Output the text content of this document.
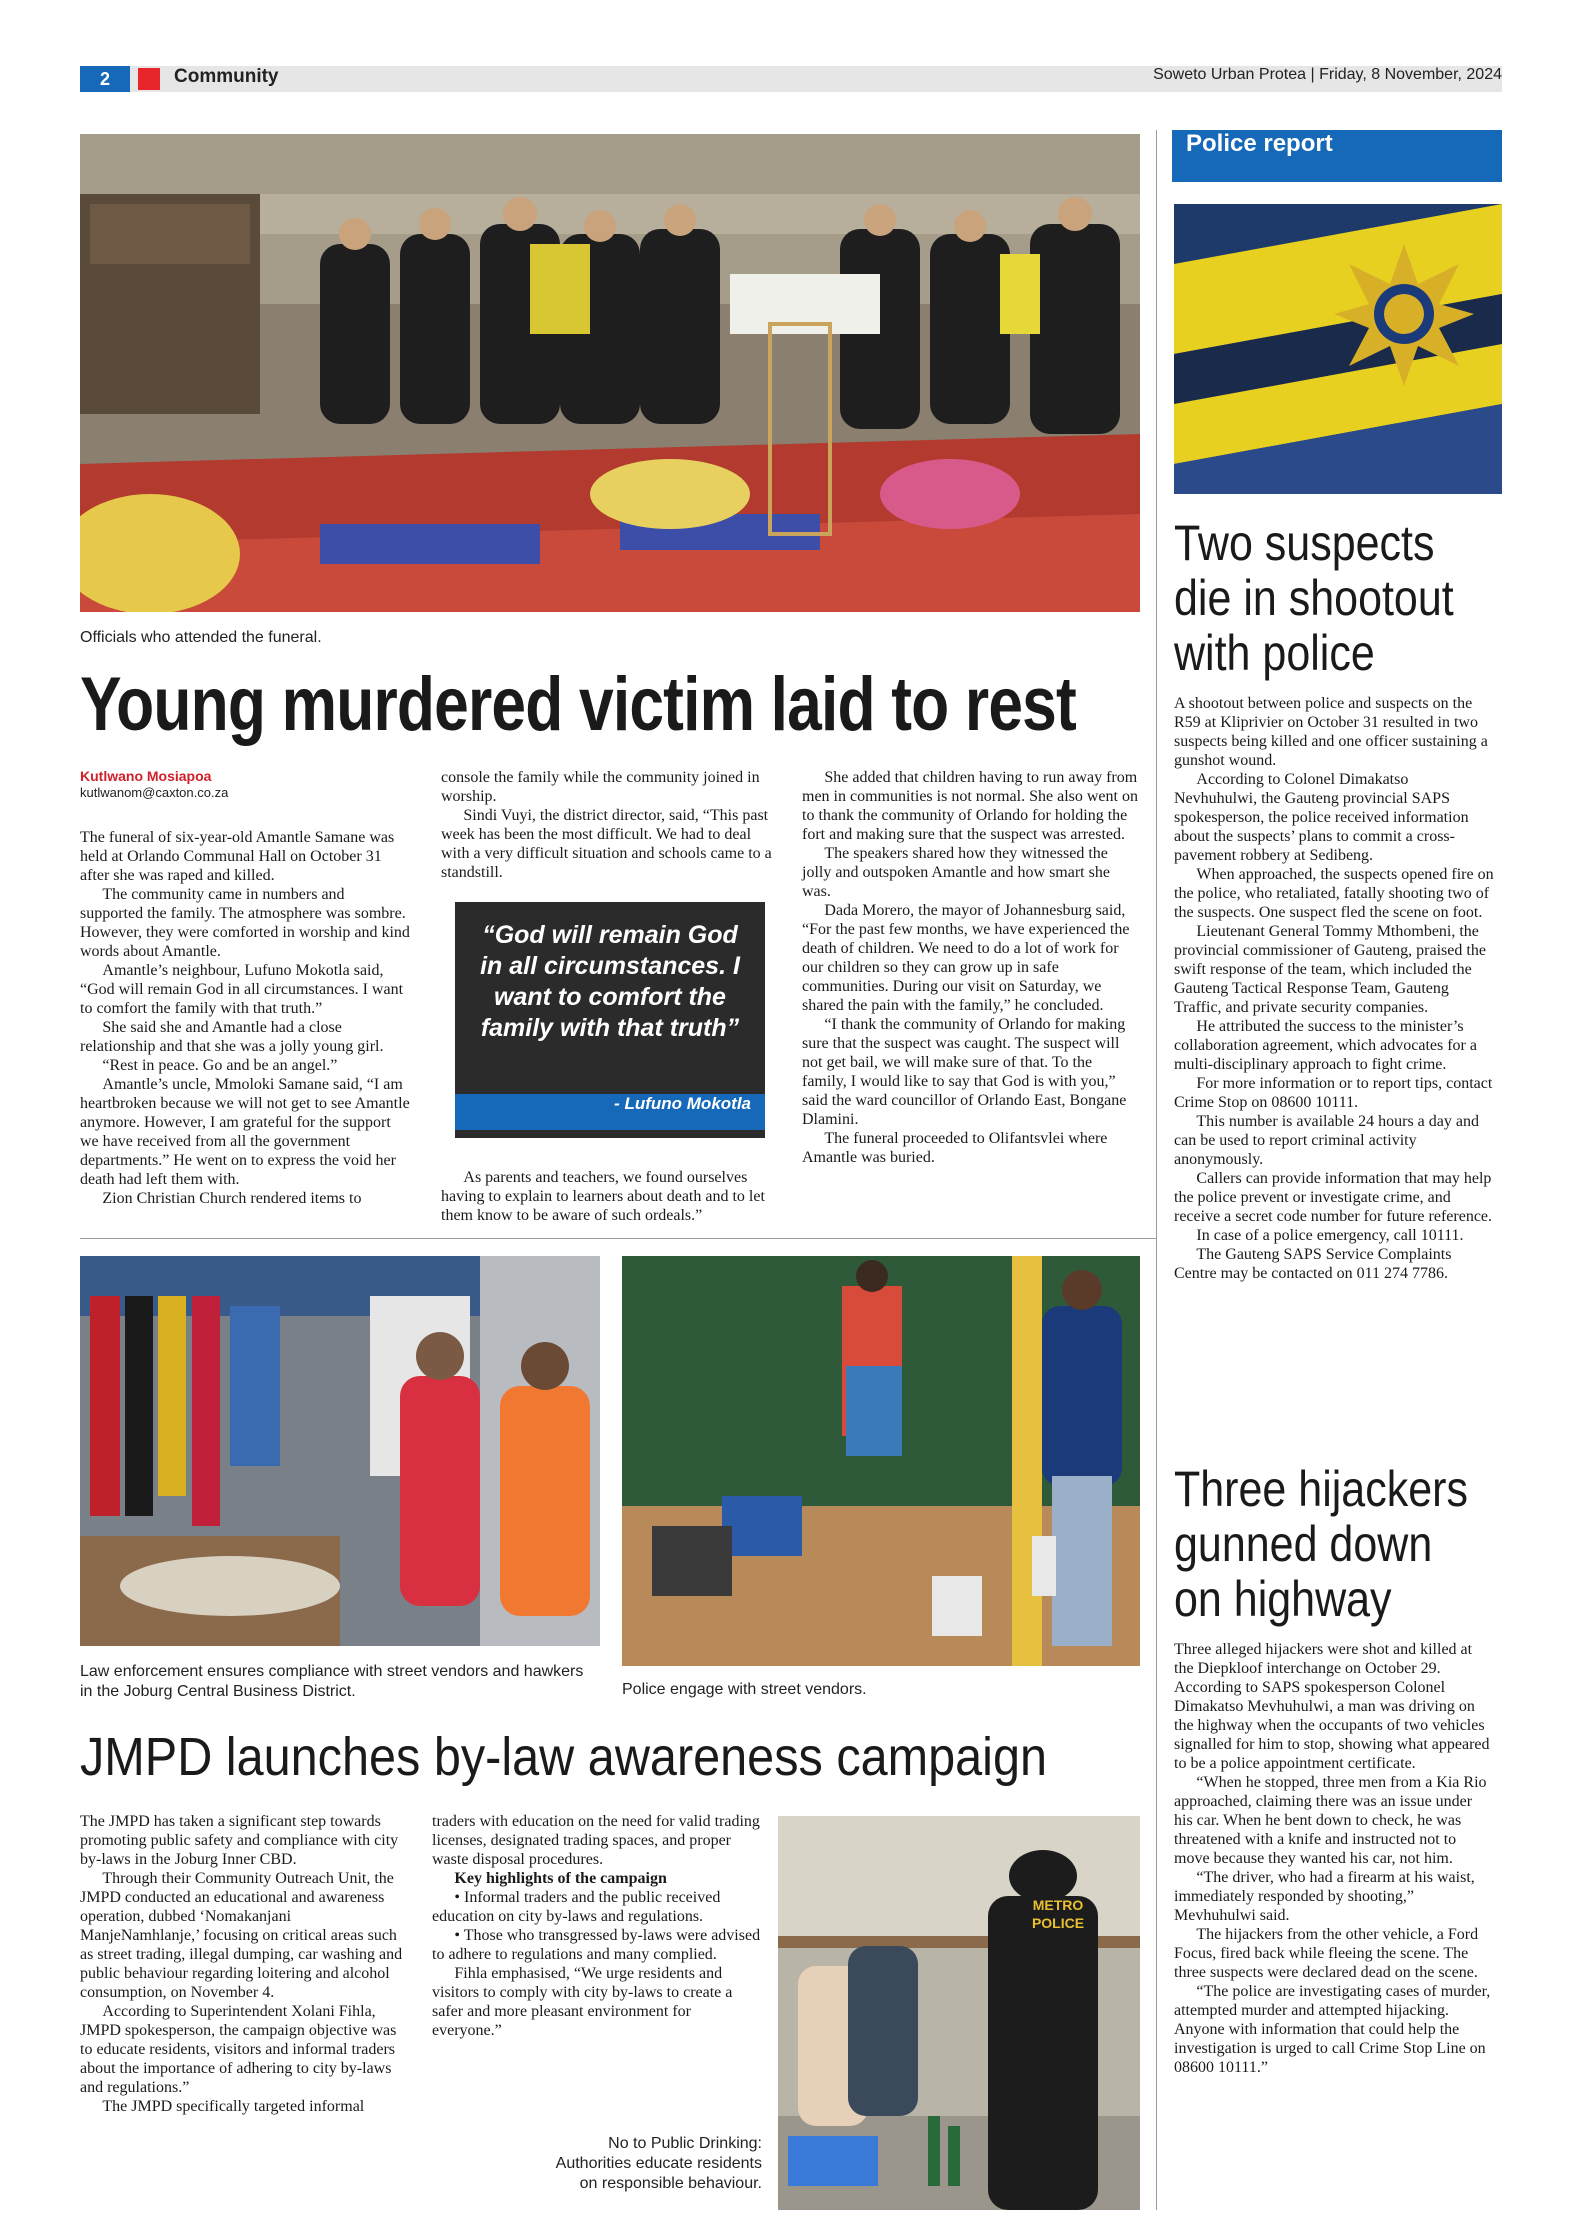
2	Community	Soweto Urban Protea | Friday, 8 November, 2024
Officials who attended the funeral.
Young murdered victim laid to rest
Kutlwano Mosiapoa
kutlwanom@caxton.co.za

The funeral of six-year-old Amantle Samane was held at Orlando Communal Hall on October 31 after she was raped and killed.

The community came in numbers and supported the family. The atmosphere was sombre. However, they were comforted in worship and kind words about Amantle.

Amantle’s neighbour, Lufuno Mokotla said, “God will remain God in all circumstances. I want to comfort the family with that truth.”

She said she and Amantle had a close relationship and that she was a jolly young girl.

“Rest in peace. Go and be an angel.”

Amantle’s uncle, Mmoloki Samane said, “I am heartbroken because we will not get to see Amantle anymore. However, I am grateful for the support we have received from all the government departments.” He went on to express the void her death had left them with.

Zion Christian Church rendered items to

console the family while the community joined in worship.

Sindi Vuyi, the district director, said, “This past week has been the most difficult. We had to deal with a very difficult situation and schools came to a standstill.

“God will remain God in all circumstances. I want to comfort the family with that truth”
- Lufuno Mokotla

As parents and teachers, we found ourselves having to explain to learners about death and to let them know to be aware of such ordeals.”

She added that children having to run away from men in communities is not normal. She also went on to thank the community of Orlando for holding the fort and making sure that the suspect was arrested.

The speakers shared how they witnessed the jolly and outspoken Amantle and how smart she was.

Dada Morero, the mayor of Johannesburg said, “For the past few months, we have experienced the death of children. We need to do a lot of work for our children so they can grow up in safe communities. During our visit on Saturday, we shared the pain with the family,” he concluded.

“I thank the community of Orlando for making sure that the suspect was caught. The suspect will not get bail, we will make sure of that. To the family, I would like to say that God is with you,” said the ward councillor of Orlando East, Bongane Dlamini.

The funeral proceeded to Olifantsvlei where Amantle was buried.

Law enforcement ensures compliance with street vendors and hawkers in the Joburg Central Business District.	Police engage with street vendors.
JMPD launches by-law awareness campaign

The JMPD has taken a significant step towards promoting public safety and compliance with city by-laws in the Joburg Inner CBD.

Through their Community Outreach Unit, the JMPD conducted an educational and awareness operation, dubbed ‘Nomakanjani ManjeNamhlanje,’ focusing on critical areas such as street trading, illegal dumping, car washing and public behaviour regarding loitering and alcohol consumption, on November 4.

According to Superintendent Xolani Fihla, JMPD spokesperson, the campaign objective was to educate residents, visitors and informal traders about the importance of adhering to city by-laws and regulations.”

The JMPD specifically targeted informal

traders with education on the need for valid trading licenses, designated trading spaces, and proper waste disposal procedures.

Key highlights of the campaign

• Informal traders and the public received education on city by-laws and regulations.

• Those who transgressed by-laws were advised to adhere to regulations and many complied.

Fihla emphasised, “We urge residents and visitors to comply with city by-laws to create a safer and more pleasant environment for everyone.”

METRO POLICE
No to Public Drinking: Authorities educate residents on responsible behaviour.
Police report
Two suspects
die in shootout
with police

A shootout between police and suspects on the R59 at Kliprivier on October 31 resulted in two suspects being killed and one officer sustaining a gunshot wound.

According to Colonel Dimakatso Nevhuhulwi, the Gauteng provincial SAPS spokesperson, the police received information about the suspects’ plans to commit a cross-pavement robbery at Sedibeng.

When approached, the suspects opened fire on the police, who retaliated, fatally shooting two of the suspects. One suspect fled the scene on foot.

Lieutenant General Tommy Mthombeni, the provincial commissioner of Gauteng, praised the swift response of the team, which included the Gauteng Tactical Response Team, Gauteng Traffic, and private security companies.

He attributed the success to the minister’s collaboration agreement, which advocates for a multi-disciplinary approach to fight crime.

For more information or to report tips, contact Crime Stop on 08600 10111.

This number is available 24 hours a day and can be used to report criminal activity anonymously.

Callers can provide information that may help the police prevent or investigate crime, and receive a secret code number for future reference.

In case of a police emergency, call 10111.

The Gauteng SAPS Service Complaints Centre may be contacted on 011 274 7786.

Three hijackers
gunned down
on highway

Three alleged hijackers were shot and killed at the Diepkloof interchange on October 29.

According to SAPS spokesperson Colonel Dimakatso Mevhuhulwi, a man was driving on the highway when the occupants of two vehicles signalled for him to stop, showing what appeared to be a police appointment certificate.

“When he stopped, three men from a Kia Rio approached, claiming there was an issue under his car. When he bent down to check, he was threatened with a knife and instructed not to move because they wanted his car, not him.

“The driver, who had a firearm at his waist, immediately responded by shooting,” Mevhuhulwi said.

The hijackers from the other vehicle, a Ford Focus, fired back while fleeing the scene. The three suspects were declared dead on the scene.

“The police are investigating cases of murder, attempted murder and attempted hijacking. Anyone with information that could help the investigation is urged to call Crime Stop Line on 08600 10111.”
